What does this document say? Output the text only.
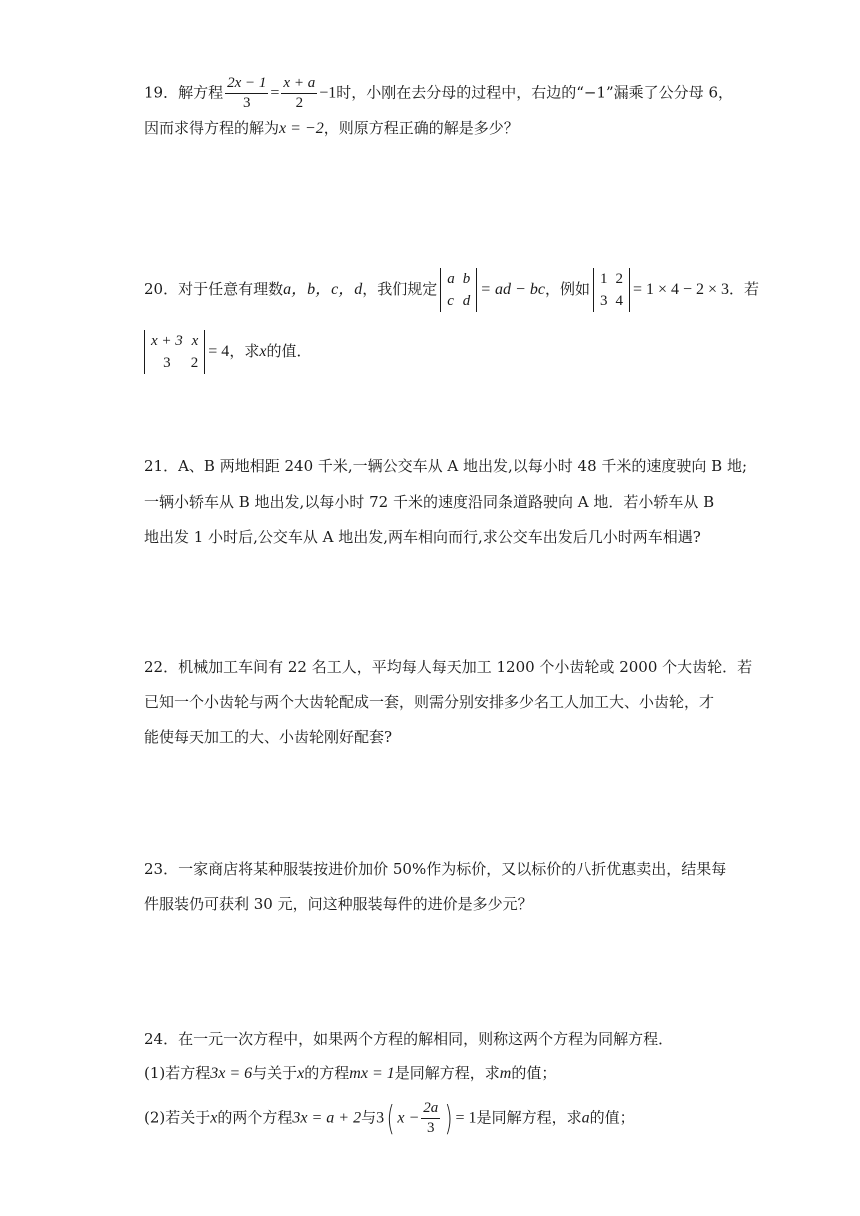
19．解方程 $\frac{2x - 1}{3} = \frac{x + a}{2} -1$时，小刚在去分母的过程中，右边的“−1”漏乘了公分母 6，
因而求得方程的解为x = −2，则原方程正确的解是多少？
20．对于任意有理数a，b，c，d，我们规定
a	b
c	d
= ad − bc，例如
1	2
3	4
= 1 × 4 − 2 × 3．若
x + 3	x
3	2
= 4，求x的值．
21．A、B 两地相距 240 千米,一辆公交车从 A 地出发,以每小时 48 千米的速度驶向 B 地;
一辆小轿车从 B 地出发,以每小时 72 千米的速度沿同条道路驶向 A 地．若小轿车从 B
地出发 1 小时后,公交车从 A 地出发,两车相向而行,求公交车出发后几小时两车相遇?
22．机械加工车间有 22 名工人，平均每人每天加工 1200 个小齿轮或 2000 个大齿轮．若
已知一个小齿轮与两个大齿轮配成一套，则需分别安排多少名工人加工大、小齿轮，才
能使每天加工的大、小齿轮刚好配套?
23．一家商店将某种服装按进价加价 50%作为标价，又以标价的八折优惠卖出，结果每
件服装仍可获利 30 元，问这种服装每件的进价是多少元？
24．在一元一次方程中，如果两个方程的解相同，则称这两个方程为同解方程．
(1)若方程3x = 6与关于x的方程mx = 1是同解方程，求m的值；
(2)若关于x的两个方程3x = a + 2与3( $x - \frac{2a}{3}$ ) = 1是同解方程，求a的值；
